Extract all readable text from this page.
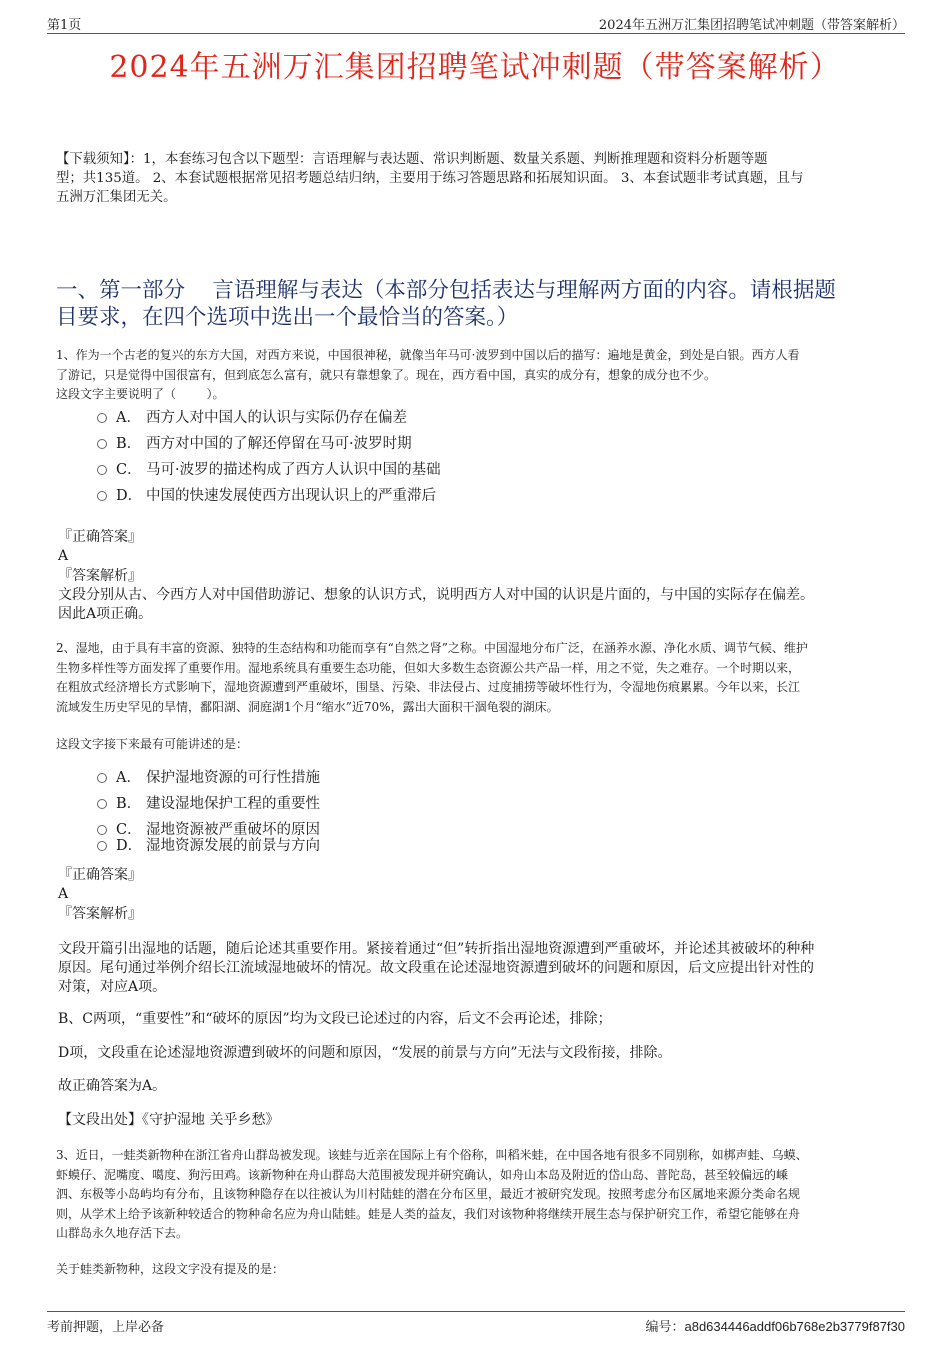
第1页	2024年五洲万汇集团招聘笔试冲刺题（带答案解析）
2024年五洲万汇集团招聘笔试冲刺题（带答案解析）
【下载须知】：1，本套练习包含以下题型：言语理解与表达题、常识判断题、数量关系题、判断推理题和资料分析题等题
型；共135道。 2、本套试题根据常见招考题总结归纳，主要用于练习答题思路和拓展知识面。 3、本套试题非考试真题，且与
五洲万汇集团无关。
一、第一部分    言语理解与表达（本部分包括表达与理解两方面的内容。请根据题
目要求，在四个选项中选出一个最恰当的答案。）
1、作为一个古老的复兴的东方大国，对西方来说，中国很神秘，就像当年马可·波罗到中国以后的描写：遍地是黄金，到处是白银。西方人看
了游记，只是觉得中国很富有，但到底怎么富有，就只有靠想象了。现在，西方看中国，真实的成分有，想象的成分也不少。
这段文字主要说明了（        ）。
A． 西方人对中国人的认识与实际仍存在偏差
B． 西方对中国的了解还停留在马可·波罗时期
C． 马可·波罗的描述构成了西方人认识中国的基础
D． 中国的快速发展使西方出现认识上的严重滞后
『正确答案』
A
『答案解析』
文段分别从古、今西方人对中国借助游记、想象的认识方式，说明西方人对中国的认识是片面的，与中国的实际存在偏差。
因此A项正确。
2、湿地，由于具有丰富的资源、独特的生态结构和功能而享有“自然之肾”之称。中国湿地分布广泛，在涵养水源、净化水质、调节气候、维护
生物多样性等方面发挥了重要作用。湿地系统具有重要生态功能，但如大多数生态资源公共产品一样，用之不觉，失之难存。一个时期以来，
在粗放式经济增长方式影响下，湿地资源遭到严重破坏，围垦、污染、非法侵占、过度捕捞等破坏性行为，令湿地伤痕累累。今年以来，长江
流域发生历史罕见的旱情，鄱阳湖、洞庭湖1个月“缩水”近70%，露出大面积干涸龟裂的湖床。
这段文字接下来最有可能讲述的是：
A． 保护湿地资源的可行性措施
B． 建设湿地保护工程的重要性
C． 湿地资源被严重破坏的原因
D． 湿地资源发展的前景与方向
『正确答案』
A
『答案解析』
文段开篇引出湿地的话题，随后论述其重要作用。紧接着通过“但”转折指出湿地资源遭到严重破坏，并论述其被破坏的种种
原因。尾句通过举例介绍长江流域湿地破坏的情况。故文段重在论述湿地资源遭到破坏的问题和原因，后文应提出针对性的
对策，对应A项。
B、C两项，“重要性”和“破坏的原因”均为文段已论述过的内容，后文不会再论述，排除；
D项，文段重在论述湿地资源遭到破坏的问题和原因，“发展的前景与方向”无法与文段衔接，排除。
故正确答案为A。
【文段出处】《守护湿地 关乎乡愁》
3、近日，一蛙类新物种在浙江省舟山群岛被发现。该蛙与近亲在国际上有个俗称，叫稻米蛙，在中国各地有很多不同别称，如梆声蛙、乌蟆、
虾蟆仔、泥嘴度、噶度、狗污田鸡。该新物种在舟山群岛大范围被发现并研究确认，如舟山本岛及附近的岱山岛、普陀岛，甚至较偏远的嵊
泗、东极等小岛屿均有分布，且该物种隐存在以往被认为川村陆蛙的潜在分布区里，最近才被研究发现。按照考虑分布区属地来源分类命名规
则，从学术上给予该新种较适合的物种命名应为舟山陆蛙。蛙是人类的益友，我们对该物种将继续开展生态与保护研究工作，希望它能够在舟
山群岛永久地存活下去。
关于蛙类新物种，这段文字没有提及的是：
考前押题，上岸必备	编号：a8d634446addf06b768e2b3779f87f30
